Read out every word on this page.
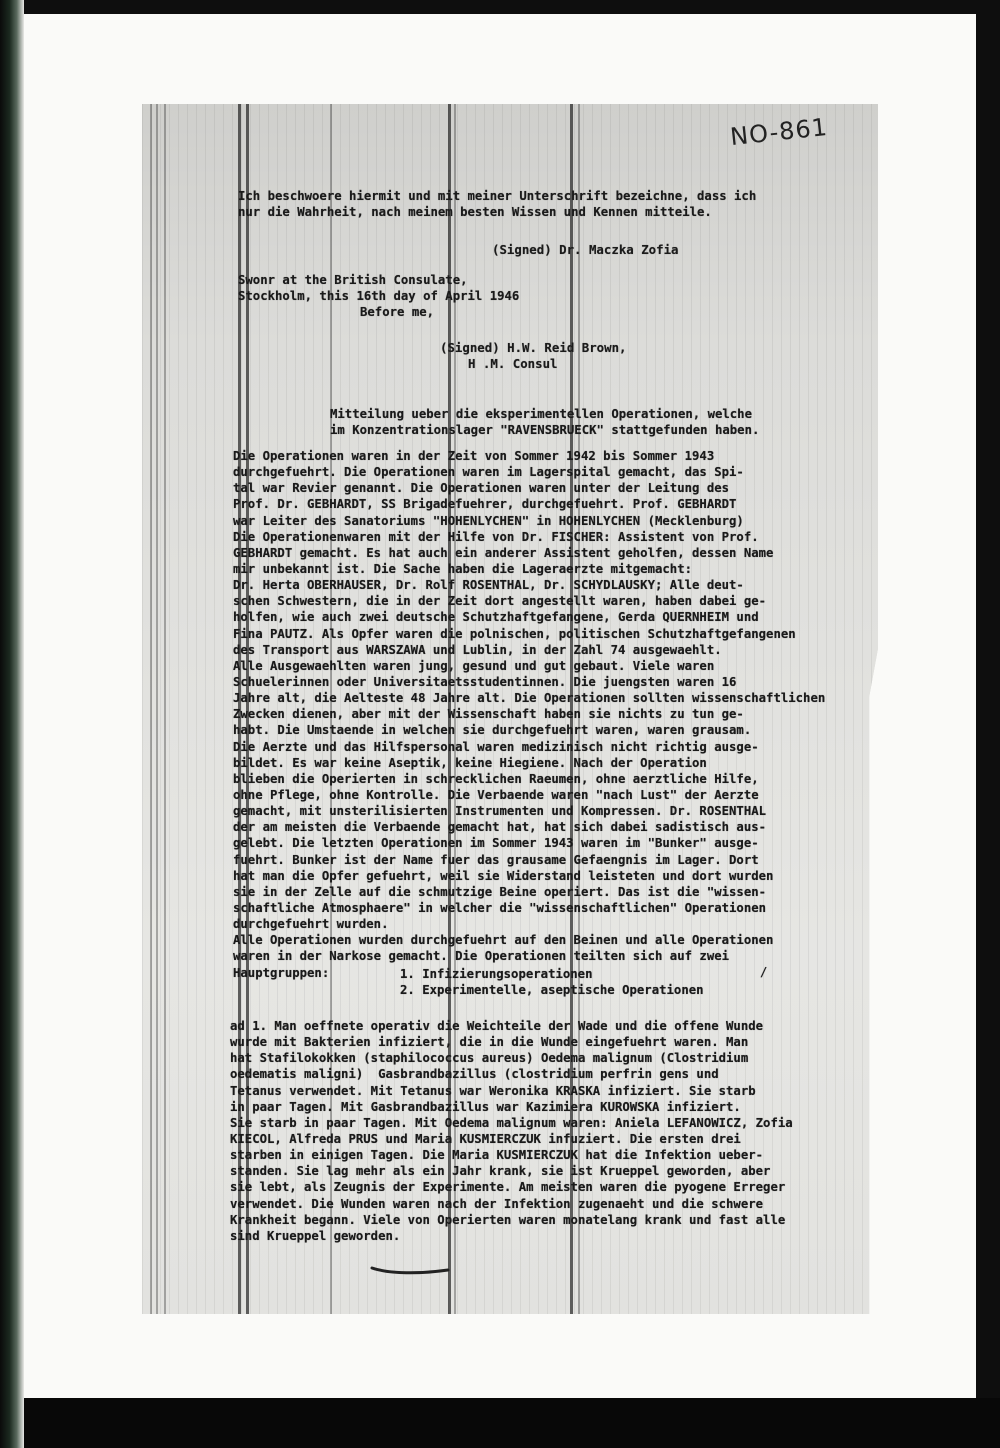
NO-861
Ich beschwoere hiermit und mit meiner Unterschrift bezeichne, dass ich
nur die Wahrheit, nach meinem besten Wissen und Kennen mitteile.
(Signed) Dr. Maczka Zofia
Swonr at the British Consulate,
Stockholm, this 16th day of April 1946
Before me,
(Signed) H.W. Reid Brown,
H .M. Consul
Mitteilung ueber die eksperimentellen Operationen, welche
im Konzentrationslager "RAVENSBRUECK" stattgefunden haben.
Die Operationen waren in der Zeit von Sommer 1942 bis Sommer 1943
durchgefuehrt. Die Operationen waren im Lagerspital gemacht, das Spi-
tal war Revier genannt. Die Operationen waren unter der Leitung des
Prof. Dr. GEBHARDT, SS Brigadefuehrer, durchgefuehrt. Prof. GEBHARDT
war Leiter des Sanatoriums "HOHENLYCHEN" in HOHENLYCHEN (Mecklenburg)
Die Operationenwaren mit der Hilfe von Dr. FISCHER: Assistent von Prof.
GEBHARDT gemacht. Es hat auch ein anderer Assistent geholfen, dessen Name
mir unbekannt ist. Die Sache haben die Lageraerzte mitgemacht:
Dr. Herta OBERHAUSER, Dr. Rolf ROSENTHAL, Dr. SCHYDLAUSKY; Alle deut-
schen Schwestern, die in der Zeit dort angestellt waren, haben dabei ge-
holfen, wie auch zwei deutsche Schutzhaftgefangene, Gerda QUERNHEIM und
Fina PAUTZ. Als Opfer waren die polnischen, politischen Schutzhaftgefangenen
des Transport aus WARSZAWA und Lublin, in der Zahl 74 ausgewaehlt.
Alle Ausgewaehlten waren jung, gesund und gut gebaut. Viele waren
Schuelerinnen oder Universitaetsstudentinnen. Die juengsten waren 16
Jahre alt, die Aelteste 48 Jahre alt. Die Operationen sollten wissenschaftlichen
Zwecken dienen, aber mit der Wissenschaft haben sie nichts zu tun ge-
habt. Die Umstaende in welchen sie durchgefuehrt waren, waren grausam.
Die Aerzte und das Hilfspersonal waren medizinisch nicht richtig ausge-
bildet. Es war keine Aseptik, keine Hiegiene. Nach der Operation
blieben die Operierten in schrecklichen Raeumen, ohne aerztliche Hilfe,
ohne Pflege, ohne Kontrolle. Die Verbaende waren "nach Lust" der Aerzte
gemacht, mit unsterilisierten Instrumenten und Kompressen. Dr. ROSENTHAL
der am meisten die Verbaende gemacht hat, hat sich dabei sadistisch aus-
gelebt. Die letzten Operationen im Sommer 1943 waren im "Bunker" ausge-
fuehrt. Bunker ist der Name fuer das grausame Gefaengnis im Lager. Dort
hat man die Opfer gefuehrt, weil sie Widerstand leisteten und dort wurden
sie in der Zelle auf die schmutzige Beine operiert. Das ist die "wissen-
schaftliche Atmosphaere" in welcher die "wissenschaftlichen" Operationen
durchgefuehrt wurden.
Alle Operationen wurden durchgefuehrt auf den Beinen und alle Operationen
waren in der Narkose gemacht. Die Operationen teilten sich auf zwei
Hauptgruppen:	1. Infizierungsoperationen
2. Experimentelle, aseptische Operationen
/
ad 1. Man oeffnete operativ die Weichteile der Wade und die offene Wunde
wurde mit Bakterien infiziert, die in die Wunde eingefuehrt waren. Man
hat Stafilokokken (staphilococcus aureus) Oedema malignum (Clostridium
oedematis maligni)  Gasbrandbazillus (clostridium perfrin gens und
Tetanus verwendet. Mit Tetanus war Weronika KRASKA infiziert. Sie starb
in paar Tagen. Mit Gasbrandbazillus war Kazimiera KUROWSKA infiziert.
Sie starb in paar Tagen. Mit Oedema malignum waren: Aniela LEFANOWICZ, Zofia
KIECOL, Alfreda PRUS und Maria KUSMIERCZUK infuziert. Die ersten drei
starben in einigen Tagen. Die Maria KUSMIERCZUK hat die Infektion ueber-
standen. Sie lag mehr als ein Jahr krank, sie ist Krueppel geworden, aber
sie lebt, als Zeugnis der Experimente. Am meisten waren die pyogene Erreger
verwendet. Die Wunden waren nach der Infektion zugenaeht und die schwere
Krankheit begann. Viele von Operierten waren monatelang krank und fast alle
sind Krueppel geworden.
